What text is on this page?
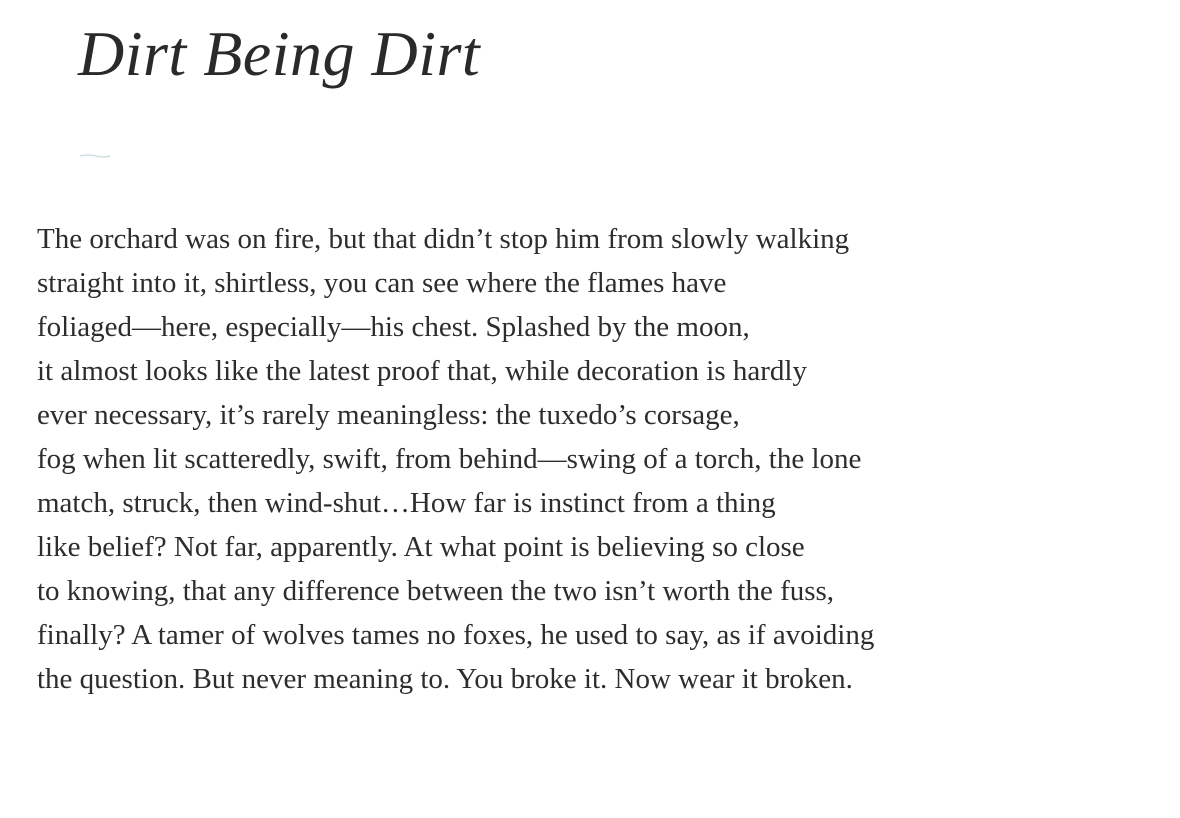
Dirt Being Dirt
The orchard was on fire, but that didn’t stop him from slowly walking
straight into it, shirtless, you can see where the flames have
foliaged—here, especially—his chest. Splashed by the moon,
it almost looks like the latest proof that, while decoration is hardly
ever necessary, it’s rarely meaningless: the tuxedo’s corsage,
fog when lit scatteredly, swift, from behind—swing of a torch, the lone
match, struck, then wind-shut…How far is instinct from a thing
like belief? Not far, apparently. At what point is believing so close
to knowing, that any difference between the two isn’t worth the fuss,
finally? A tamer of wolves tames no foxes, he used to say, as if avoiding
the question. But never meaning to. You broke it. Now wear it broken.
